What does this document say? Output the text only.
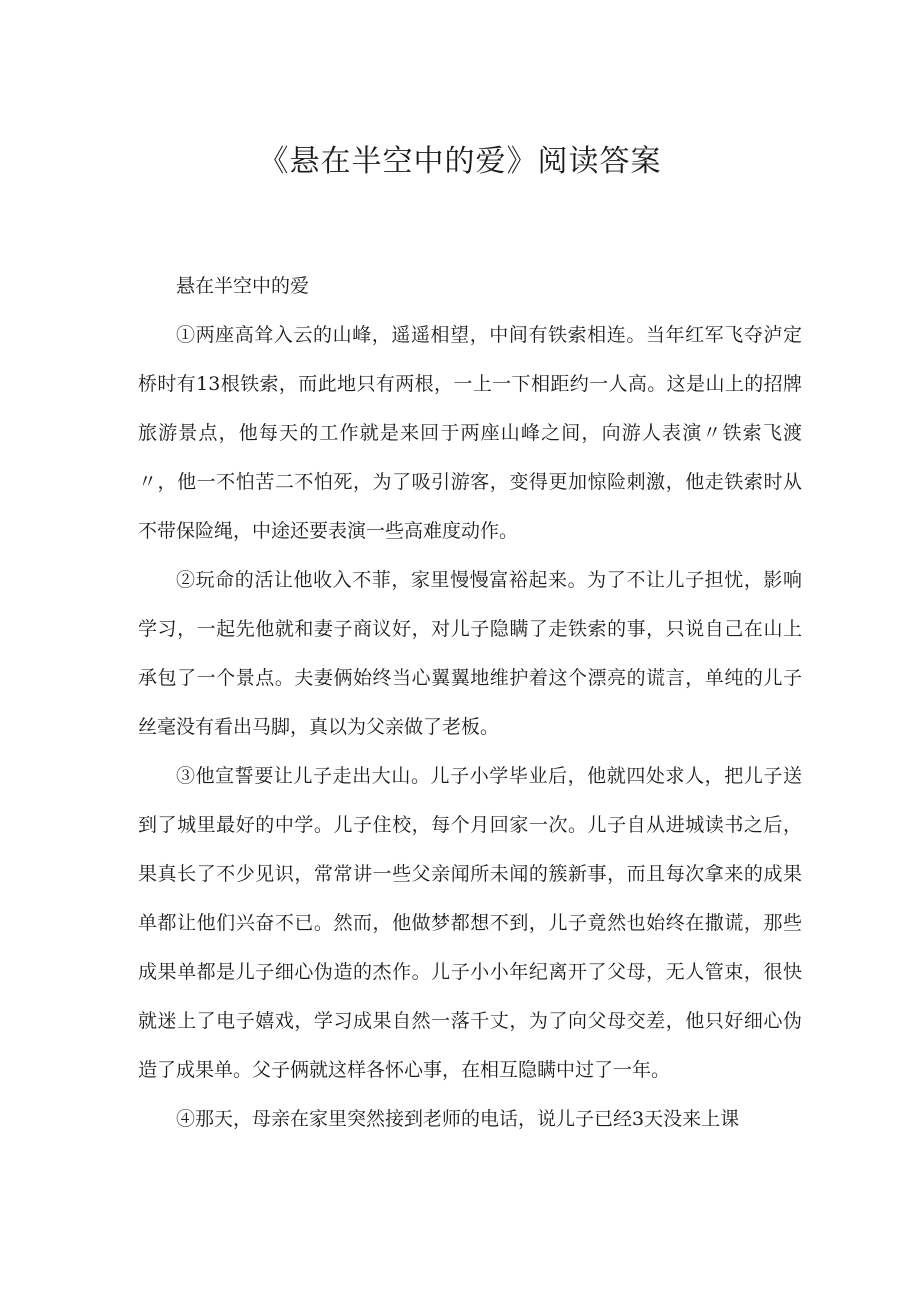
《悬在半空中的爱》阅读答案

悬在半空中的爱

①两座高耸入云的山峰，遥遥相望，中间有铁索相连。当年红军飞夺泸定桥时有13根铁索，而此地只有两根，一上一下相距约一人高。这是山上的招牌旅游景点，他每天的工作就是来回于两座山峰之间，向游人表演〃铁索飞渡〃，他一不怕苦二不怕死，为了吸引游客，变得更加惊险刺激，他走铁索时从不带保险绳，中途还要表演一些高难度动作。

②玩命的活让他收入不菲，家里慢慢富裕起来。为了不让儿子担忧，影响学习，一起先他就和妻子商议好，对儿子隐瞒了走铁索的事，只说自己在山上承包了一个景点。夫妻俩始终当心翼翼地维护着这个漂亮的谎言，单纯的儿子丝毫没有看出马脚，真以为父亲做了老板。

③他宣誓要让儿子走出大山。儿子小学毕业后，他就四处求人，把儿子送到了城里最好的中学。儿子住校，每个月回家一次。儿子自从进城读书之后，果真长了不少见识，常常讲一些父亲闻所未闻的簇新事，而且每次拿来的成果单都让他们兴奋不已。然而，他做梦都想不到，儿子竟然也始终在撒谎，那些成果单都是儿子细心伪造的杰作。儿子小小年纪离开了父母，无人管束，很快就迷上了电子嬉戏，学习成果自然一落千丈，为了向父母交差，他只好细心伪造了成果单。父子俩就这样各怀心事，在相互隐瞒中过了一年。

④那天，母亲在家里突然接到老师的电话，说儿子已经3天没来上课
